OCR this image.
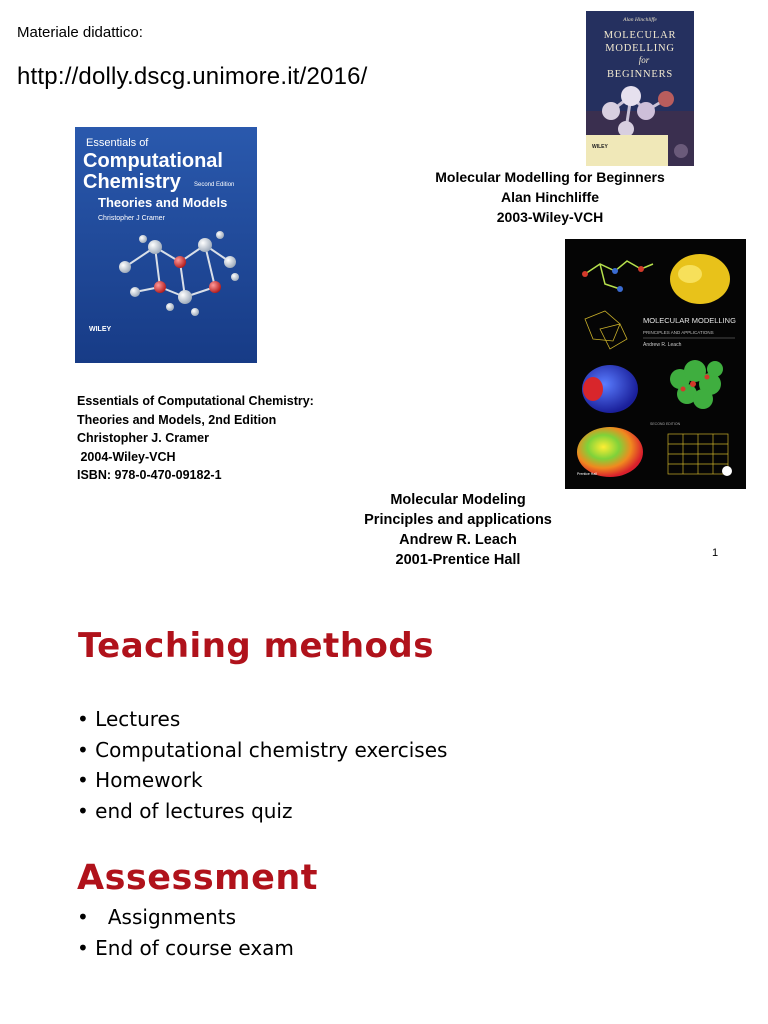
Materiale didattico:
http://dolly.dscg.unimore.it/2016/
Essentials of
Computational
Chemistry Second Edition
Theories and Models
Christopher J Cramer
WILEY
Essentials of Computational Chemistry:
Theories and Models, 2nd Edition
Christopher J. Cramer
2004-Wiley-VCH
ISBN: 978-0-470-09182-1
Alan Hinchliffe
MOLECULAR
MODELLING
for
BEGINNERS
WILEY
Molecular Modelling for Beginners
Alan Hinchliffe
2003-Wiley-VCH
MOLECULAR MODELLING
PRINCIPLES AND APPLICATIONS
Andrew R. Leach
SECOND EDITION
Prentice Hall
Molecular Modeling
Principles and applications
Andrew R. Leach
2001-Prentice Hall	1
Teaching methods
• Lectures
• Computational chemistry exercises
• Homework
• end of lectures quiz
Assessment
•   Assignments
• End of course exam
